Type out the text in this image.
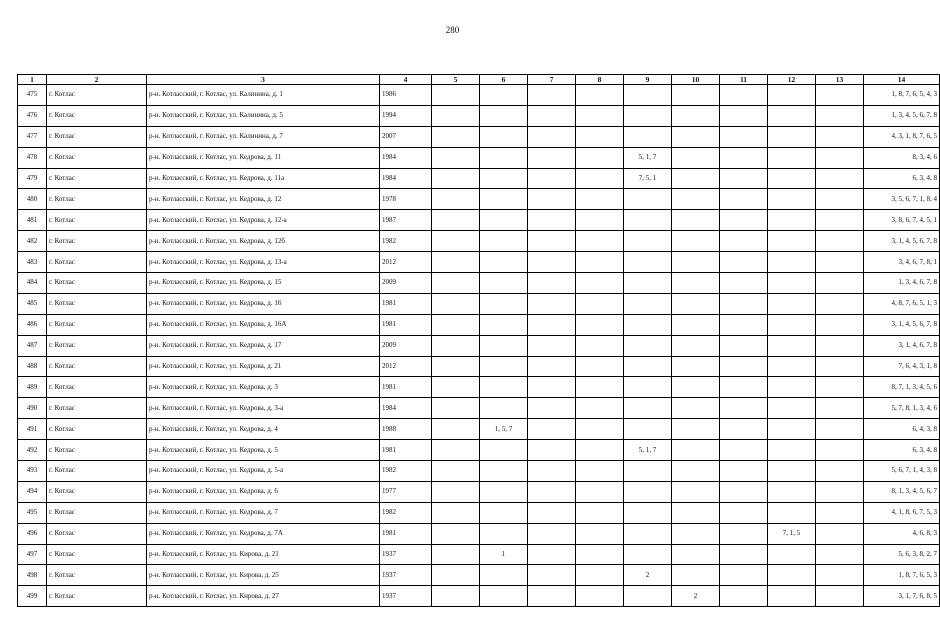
280
1	2	3	4	5	6	7	8	9	10	11	12	13	14
475	г. Котлас	р-н. Котласский, г. Котлас, ул. Калинина, д. 1	1986										1, 8, 7, 6, 5, 4, 3
476	г. Котлас	р-н. Котласский, г. Котлас, ул. Калинина, д. 5	1994										1, 3, 4, 5, 6, 7, 8
477	г. Котлас	р-н. Котласский, г. Котлас, ул. Калинина, д. 7	2007										4, 3, 1, 8, 7, 6, 5
478	г. Котлас	р-н. Котласский, г. Котлас, ул. Кедрова, д. 11	1984					5, 1, 7					8, 3, 4, 6
479	г. Котлас	р-н. Котласский, г. Котлас, ул. Кедрова, д. 11а	1984					7, 5, 1					6, 3, 4, 8
480	г. Котлас	р-н. Котласский, г. Котлас, ул. Кедрова, д. 12	1978										3, 5, 6, 7, 1, 8, 4
481	г. Котлас	р-н. Котласский, г. Котлас, ул. Кедрова, д. 12-а	1987										3, 8, 6, 7, 4, 5, 1
482	г. Котлас	р-н. Котласский, г. Котлас, ул. Кедрова, д. 12б	1982										3, 1, 4, 5, 6, 7, 8
483	г. Котлас	р-н. Котласский, г. Котлас, ул. Кедрова, д. 13-а	2012										3, 4, 6, 7, 8, 1
484	г. Котлас	р-н. Котласский, г. Котлас, ул. Кедрова, д. 15	2009										1, 3, 4, 6, 7, 8
485	г. Котлас	р-н. Котласский, г. Котлас, ул. Кедрова, д. 16	1981										4, 8, 7, 6, 5, 1, 3
486	г. Котлас	р-н. Котласский, г. Котлас, ул. Кедрова, д. 16А	1981										3, 1, 4, 5, 6, 7, 8
487	г. Котлас	р-н. Котласский, г. Котлас, ул. Кедрова, д. 17	2009										3, 1, 4, 6, 7, 8
488	г. Котлас	р-н. Котласский, г. Котлас, ул. Кедрова, д. 21	2012										7, 6, 4, 3, 1, 8
489	г. Котлас	р-н. Котласский, г. Котлас, ул. Кедрова, д. 3	1981										8, 7, 1, 3, 4, 5, 6
490	г. Котлас	р-н. Котласский, г. Котлас, ул. Кедрова, д. 3-а	1984										5, 7, 8, 1, 3, 4, 6
491	г. Котлас	р-н. Котласский, г. Котлас, ул. Кедрова, д. 4	1988		1, 5, 7								6, 4, 3, 8
492	г. Котлас	р-н. Котласский, г. Котлас, ул. Кедрова, д. 5	1981					5, 1, 7					6, 3, 4, 8
493	г. Котлас	р-н. Котласский, г. Котлас, ул. Кедрова, д. 5-а	1982										5, 6, 7, 1, 4, 3, 8
494	г. Котлас	р-н. Котласский, г. Котлас, ул. Кедрова, д. 6	1977										8, 1, 3, 4, 5, 6, 7
495	г. Котлас	р-н. Котласский, г. Котлас, ул. Кедрова, д. 7	1982										4, 1, 8, 6, 7, 5, 3
496	г. Котлас	р-н. Котласский, г. Котлас, ул. Кедрова, д. 7А	1981								7, 1, 5		4, 6, 8, 3
497	г. Котлас	р-н. Котласский, г. Котлас, ул. Кирова, д. 21	1937		1								5, 6, 3, 8, 2, 7
498	г. Котлас	р-н. Котласский, г. Котлас, ул. Кирова, д. 25	1937					2					1, 8, 7, 6, 5, 3
499	г. Котлас	р-н. Котласский, г. Котлас, ул. Кирова, д. 27	1937						2				3, 1, 7, 6, 8, 5
